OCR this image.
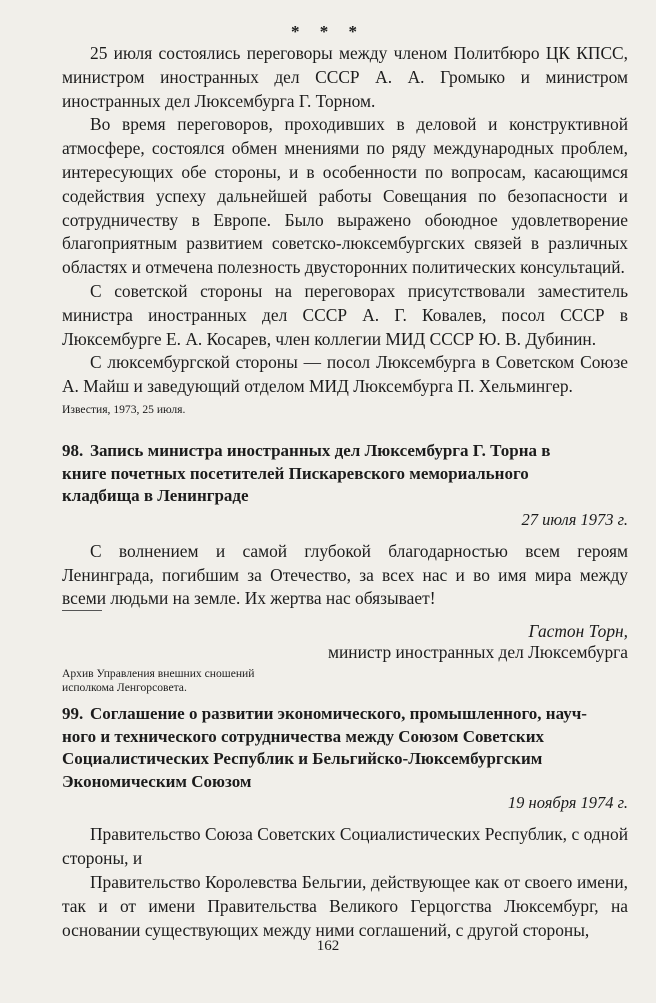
* * *

25 июля состоялись переговоры между членом Политбюро ЦК КПСС, министром иностранных дел СССР А. А. Громыко и министром иностранных дел Люксембурга Г. Торном.

Во время переговоров, проходивших в деловой и конструктивной атмосфере, состоялся обмен мнениями по ряду международных проблем, интересующих обе стороны, и в особенности по вопросам, касающимся содействия успеху дальнейшей работы Совещания по безопасности и сотрудничеству в Европе. Было выражено обоюдное удовлетворение благоприятным развитием советско-люксембургских связей в различных областях и отмечена полезность двусторонних политических консультаций.

С советской стороны на переговорах присутствовали заместитель министра иностранных дел СССР А. Г. Ковалев, посол СССР в Люксембурге Е. А. Косарев, член коллегии МИД СССР Ю. В. Дубинин.

С люксембургской стороны — посол Люксембурга в Советском Союзе А. Майш и заведующий отделом МИД Люксембурга П. Хельмингер.

Известия, 1973, 25 июля.

98. Запись министра иностранных дел Люксембурга Г. Торна в

книге почетных посетителей Пискаревского мемориального

кладбища в Ленинграде

27 июля 1973 г.

С волнением и самой глубокой благодарностью всем героям Ленинграда, погибшим за Отечество, за всех нас и во имя мира между всеми людьми на земле. Их жертва нас обязывает!

Гастон Торн,

министр иностранных дел Люксембурга

Архив Управления внешних сношений

исполкома Ленгорсовета.

99. Соглашение о развитии экономического, промышленного, науч-

ного и технического сотрудничества между Союзом Советских

Социалистических Республик и Бельгийско-Люксембургским

Экономическим Союзом

19 ноября 1974 г.

Правительство Союза Советских Социалистических Республик, с одной стороны, и

Правительство Королевства Бельгии, действующее как от своего имени, так и от имени Правительства Великого Герцогства Люксембург, на основании существующих между ними соглашений, с другой стороны,

162
